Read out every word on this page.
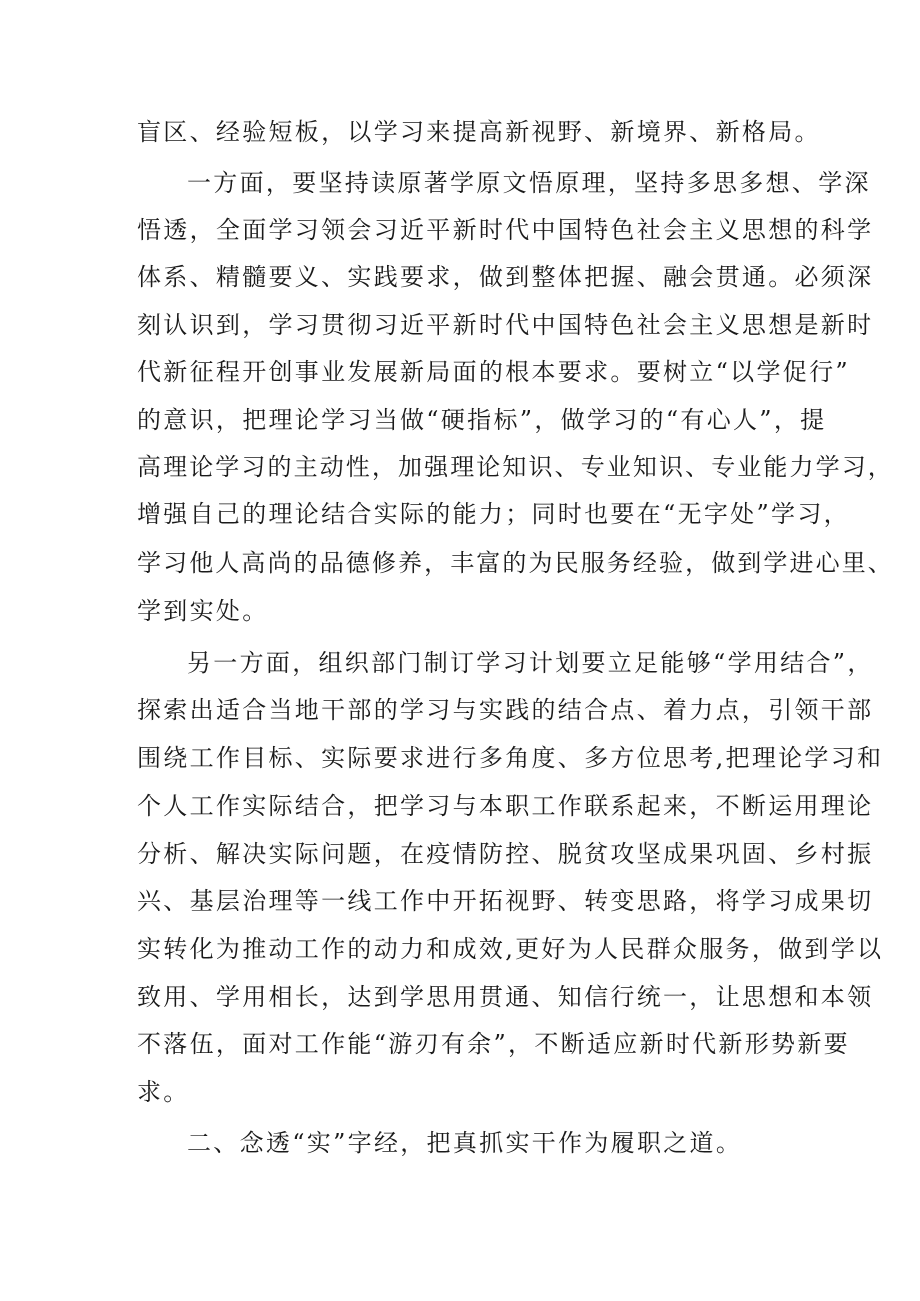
盲区、经验短板，以学习来提高新视野、新境界、新格局。
一方面，要坚持读原著学原文悟原理，坚持多思多想、学深
悟透，全面学习领会习近平新时代中国特色社会主义思想的科学
体系、精髓要义、实践要求，做到整体把握、融会贯通。必须深
刻认识到，学习贯彻习近平新时代中国特色社会主义思想是新时
代新征程开创事业发展新局面的根本要求。要树立“以学促行”
的意识，把理论学习当做“硬指标”，做学习的“有心人”，提
高理论学习的主动性，加强理论知识、专业知识、专业能力学习，
增强自己的理论结合实际的能力；同时也要在“无字处”学习，
学习他人高尚的品德修养，丰富的为民服务经验，做到学进心里、
学到实处。
另一方面，组织部门制订学习计划要立足能够“学用结合”，
探索出适合当地干部的学习与实践的结合点、着力点，引领干部
围绕工作目标、实际要求进行多角度、多方位思考,把理论学习和
个人工作实际结合，把学习与本职工作联系起来，不断运用理论
分析、解决实际问题，在疫情防控、脱贫攻坚成果巩固、乡村振
兴、基层治理等一线工作中开拓视野、转变思路，将学习成果切
实转化为推动工作的动力和成效,更好为人民群众服务，做到学以
致用、学用相长，达到学思用贯通、知信行统一，让思想和本领
不落伍，面对工作能“游刃有余”，不断适应新时代新形势新要
求。
二、念透“实”字经，把真抓实干作为履职之道。
